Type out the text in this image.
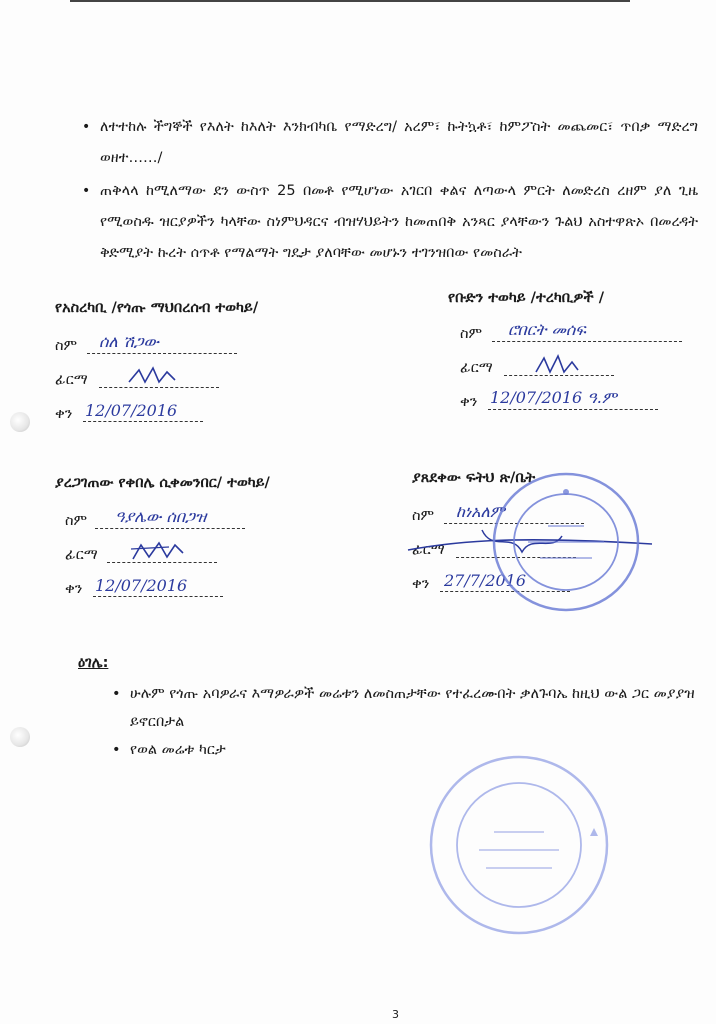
• ለተተከሉ ችግኞች የእለት ከእለት እንክብካቤ የማድረግ/ አረም፣ ኩትኳቶ፣ ከምፖስት መጨመር፣ ጥበቃ ማድረግ ወዘተ……/
• ጠቅላላ ከሚለማው ደን ውስጥ 25 በመቶ የሚሆነው አገርበ ቀልና ለጣውላ ምርት ለመድረስ ረዘም ያለ ጊዜ የሚወስዱ ዝርያዎችን ካላቸው ስነምህዳርና ብዝሃህይትን ከመጠበቅ አንጻር ያላቸውን ጉልህ አስተዋጽኦ በመረዳት ቅድሚያት ኩረት ሰጥቶ የማልማት ግዴታ ያለባቸው መሆኑን ተገንዝበው የመስራት
የአስረካቢ /የጎጡ ማህበረሰብ ተወካይ/
ስም ሰለ ሽጋው
ፊርማ
ቀን 12/07/2016
የቡድን ተወካይ /ተረካቢዎች /
ስም ሮበርት መሰፍ
ፊርማ
ቀን 12/07/2016 ዓ.ም
ያረጋገጠው የቀበሌ ሲቀመንበር/ ተወካይ/
ስም ዓያሌው ሰበጋዝ
ፊርማ
ቀን 12/07/2016
ያጸደቀው ፍትህ ጽ/ቤት
ስም ከነአለም
ፊርማ
ቀን 27/7/2016
ዕገሌ:
• ሁሉም የጎጡ አባዎራና እማዎራዎች መሬቱን ለመስጠታቸው የተፈረሙበት ቃለጉባኤ ከዚህ ውል ጋር መያያዝ ይኖርበታል
• የወል መሬቱ ካርታ
3
